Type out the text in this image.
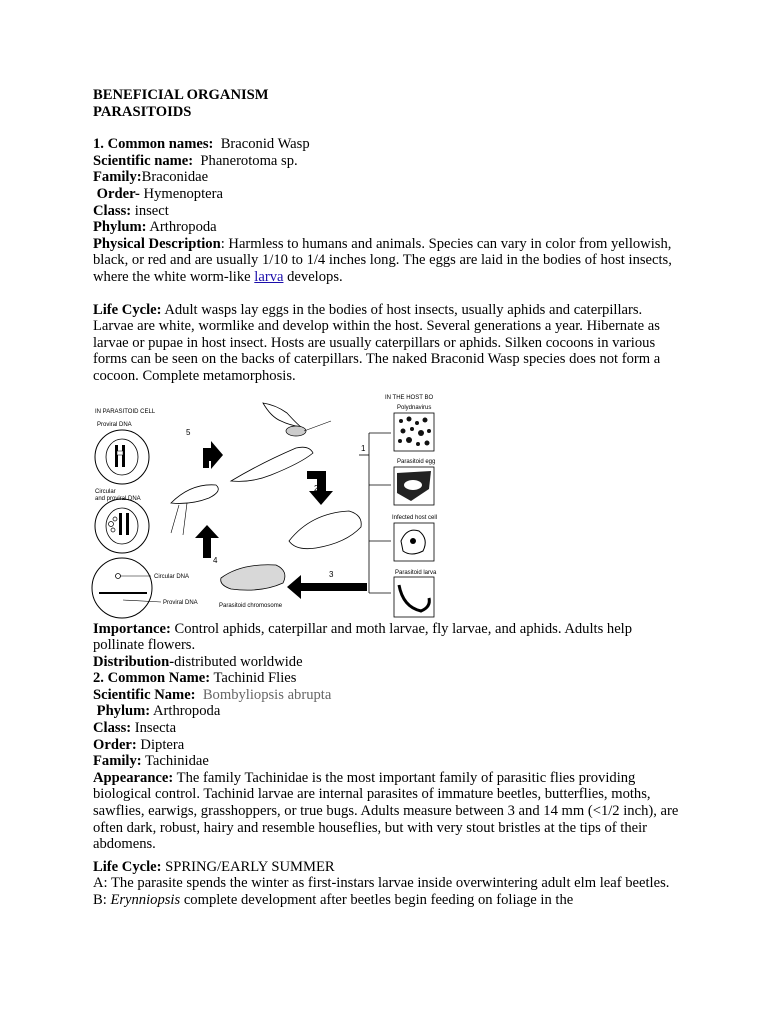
BENEFICIAL ORGANISM

PARASITOIDS

1. Common names: Braconid Wasp

Scientific name: Phanerotoma sp.

Family:Braconidae

Order- Hymenoptera

Class: insect

Phylum: Arthropoda

Physical Description: Harmless to humans and animals. Species can vary in color from yellowish, black, or red and are usually 1/10 to 1/4 inches long. The eggs are laid in the bodies of host insects, where the white worm-like larva develops.

Life Cycle: Adult wasps lay eggs in the bodies of host insects, usually aphids and caterpillars. Larvae are white, wormlike and develop within the host. Several generations a year. Hibernate as larvae or pupae in host insect. Hosts are usually caterpillars or aphids. Silken cocoons in various forms can be seen on the backs of caterpillars. The naked Braconid Wasp species does not form a cocoon. Complete metamorphosis.

IN PARASITOID CELL
Proviral DNA
Circular
and proviral DNA
Circular DNA
Proviral DNA
5
2
3
4
Parasitoid chromosome
IN THE HOST BO
Polydnavirus
Parasitoid egg
Infected host cell
Parasitoid larva
1

Importance: Control aphids, caterpillar and moth larvae, fly larvae, and aphids. Adults help pollinate flowers.

Distribution-distributed worldwide

2. Common Name: Tachinid Flies

Scientific Name: Bombyliopsis abrupta

Phylum: Arthropoda

Class: Insecta

Order: Diptera

Family: Tachinidae

Appearance: The family Tachinidae is the most important family of parasitic flies providing biological control. Tachinid larvae are internal parasites of immature beetles, butterflies, moths, sawflies, earwigs, grasshoppers, or true bugs. Adults measure between 3 and 14 mm (<1/2 inch), are often dark, robust, hairy and resemble houseflies, but with very stout bristles at the tips of their abdomens.

Life Cycle: SPRING/EARLY SUMMER

A: The parasite spends the winter as first-instars larvae inside overwintering adult elm leaf beetles. B: Erynniopsis complete development after beetles begin feeding on foliage in the
